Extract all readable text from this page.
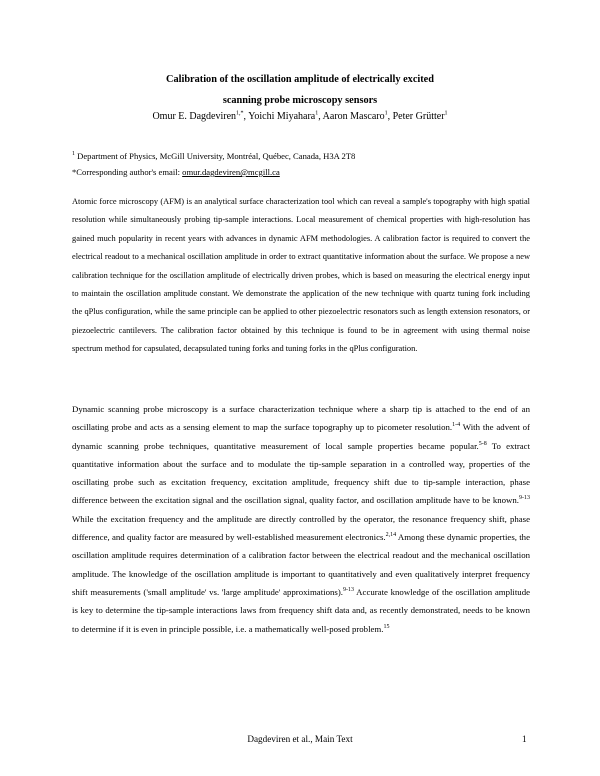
Calibration of the oscillation amplitude of electrically excited
scanning probe microscopy sensors
Omur E. Dagdeviren$^{1,*}$, Yoichi Miyahara$^1$, Aaron Mascaro$^1$, Peter Grütter$^1$
$^1$ Department of Physics, McGill University, Montréal, Québec, Canada, H3A 2T8
*Corresponding author's email: omur.dagdeviren@mcgill.ca
Atomic force microscopy (AFM) is an analytical surface characterization tool which can reveal a sample's topography with high spatial resolution while simultaneously probing tip-sample interactions. Local measurement of chemical properties with high-resolution has gained much popularity in recent years with advances in dynamic AFM methodologies. A calibration factor is required to convert the electrical readout to a mechanical oscillation amplitude in order to extract quantitative information about the surface. We propose a new calibration technique for the oscillation amplitude of electrically driven probes, which is based on measuring the electrical energy input to maintain the oscillation amplitude constant. We demonstrate the application of the new technique with quartz tuning fork including the qPlus configuration, while the same principle can be applied to other piezoelectric resonators such as length extension resonators, or piezoelectric cantilevers. The calibration factor obtained by this technique is found to be in agreement with using thermal noise spectrum method for capsulated, decapsulated tuning forks and tuning forks in the qPlus configuration.
Dynamic scanning probe microscopy is a surface characterization technique where a sharp tip is attached to the end of an oscillating probe and acts as a sensing element to map the surface topography up to picometer resolution.$^{1-4}$ With the advent of dynamic scanning probe techniques, quantitative measurement of local sample properties became popular.$^{5-8}$ To extract quantitative information about the surface and to modulate the tip-sample separation in a controlled way, properties of the oscillating probe such as excitation frequency, excitation amplitude, frequency shift due to tip-sample interaction, phase difference between the excitation signal and the oscillation signal, quality factor, and oscillation amplitude have to be known.$^{9-13}$ While the excitation frequency and the amplitude are directly controlled by the operator, the resonance frequency shift, phase difference, and quality factor are measured by well-established measurement electronics.$^{2,14}$ Among these dynamic properties, the oscillation amplitude requires determination of a calibration factor between the electrical readout and the mechanical oscillation amplitude. The knowledge of the oscillation amplitude is important to quantitatively and even qualitatively interpret frequency shift measurements ('small amplitude' vs. 'large amplitude' approximations).$^{9-13}$ Accurate knowledge of the oscillation amplitude is key to determine the tip-sample interactions laws from frequency shift data and, as recently demonstrated, needs to be known to determine if it is even in principle possible, i.e. a mathematically well-posed problem.$^{15}$
Dagdeviren et al., Main Text	1
